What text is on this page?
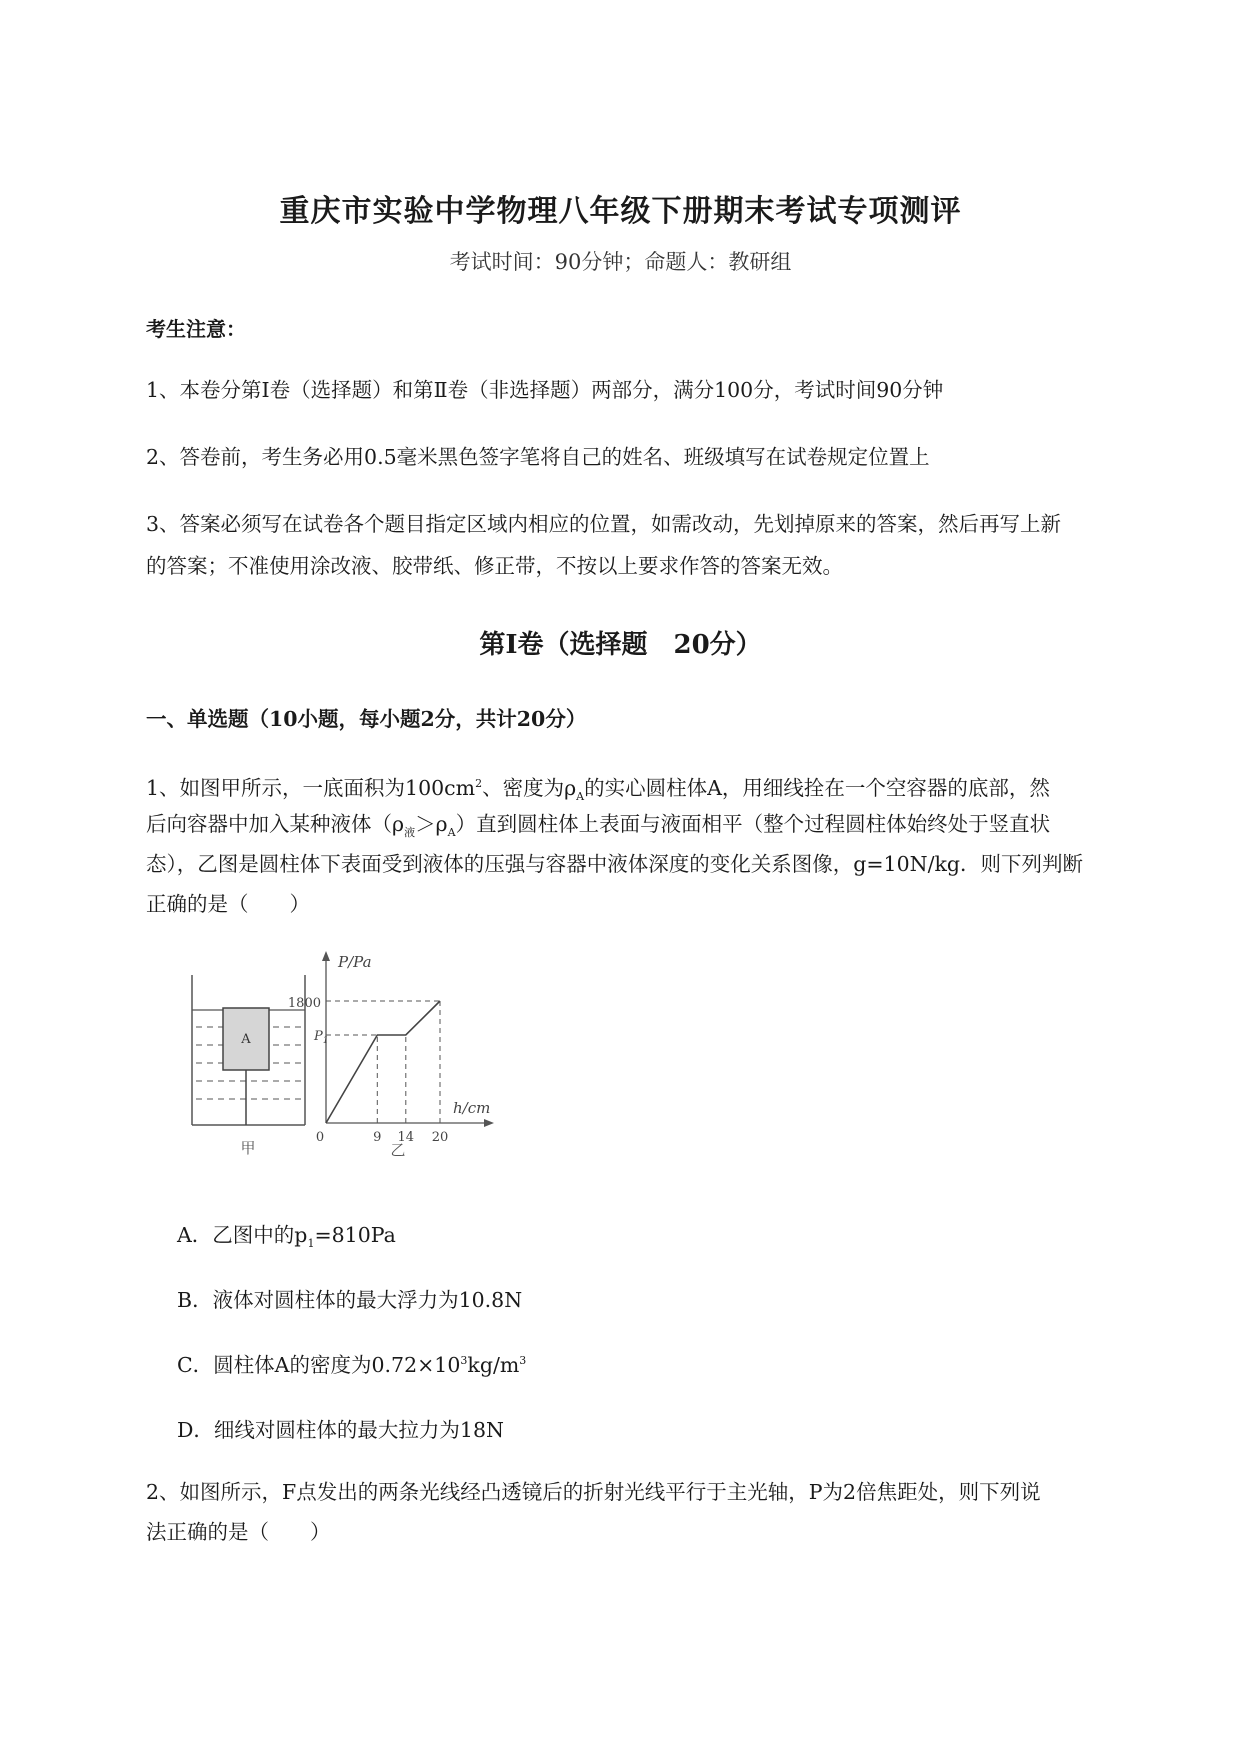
重庆市实验中学物理八年级下册期末考试专项测评
考试时间：90分钟；命题人：教研组
考生注意：
1、本卷分第I卷（选择题）和第Ⅱ卷（非选择题）两部分，满分100分，考试时间90分钟
2、答卷前，考生务必用0.5毫米黑色签字笔将自己的姓名、班级填写在试卷规定位置上
3、答案必须写在试卷各个题目指定区域内相应的位置，如需改动，先划掉原来的答案，然后再写上新
的答案；不准使用涂改液、胶带纸、修正带，不按以上要求作答的答案无效。
第I卷（选择题　20分）
一、单选题（10小题，每小题2分，共计20分）
1、如图甲所示，一底面积为$100cm^2$、密度为$\rho_A$的实心圆柱体A，用细线拴在一个空容器的底部，然
后向容器中加入某种液体$(\rho_液>\rho_A)$直到圆柱体上表面与液面相平（整个过程圆柱体始终处于竖直状
态），乙图是圆柱体下表面受到液体的压强与容器中液体深度的变化关系图像，g=10N/kg．则下列判断
正确的是（　　）
A
甲
P/Pa
h/cm
1800
$P_1$
0	9 14 20
乙
A．乙图中的$p_1=810Pa$
B．液体对圆柱体的最大浮力为10.8N
C．圆柱体A的密度为$0.72\times 10^3kg/m^3$
D．细线对圆柱体的最大拉力为18N
2、如图所示，F点发出的两条光线经凸透镜后的折射光线平行于主光轴，P为2倍焦距处，则下列说
法正确的是（　　）
